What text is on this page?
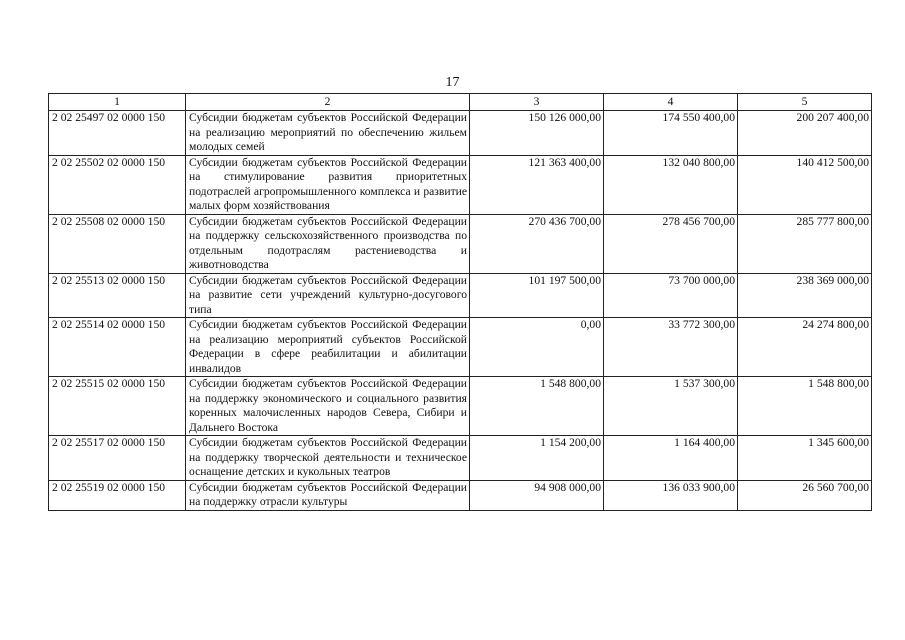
17
1	2	3	4	5
2 02 25497 02 0000 150	Субсидии бюджетам субъектов Российской Федерации на реализацию мероприятий по обеспечению жильем молодых семей	150 126 000,00	174 550 400,00	200 207 400,00
2 02 25502 02 0000 150	Субсидии бюджетам субъектов Российской Федерации на стимулирование развития приоритетных подотраслей агропромышленного комплекса и развитие малых форм хозяйствования	121 363 400,00	132 040 800,00	140 412 500,00
2 02 25508 02 0000 150	Субсидии бюджетам субъектов Российской Федерации на поддержку сельскохозяйственного производства по отдельным подотраслям растениеводства и животноводства	270 436 700,00	278 456 700,00	285 777 800,00
2 02 25513 02 0000 150	Субсидии бюджетам субъектов Российской Федерации на развитие сети учреждений культурно-досугового типа	101 197 500,00	73 700 000,00	238 369 000,00
2 02 25514 02 0000 150	Субсидии бюджетам субъектов Российской Федерации на реализацию мероприятий субъектов Российской Федерации в сфере реабилитации и абилитации инвалидов	0,00	33 772 300,00	24 274 800,00
2 02 25515 02 0000 150	Субсидии бюджетам субъектов Российской Федерации на поддержку экономического и социального развития коренных малочисленных народов Севера, Сибири и Дальнего Востока	1 548 800,00	1 537 300,00	1 548 800,00
2 02 25517 02 0000 150	Субсидии бюджетам субъектов Российской Федерации на поддержку творческой деятельности и техническое оснащение детских и кукольных театров	1 154 200,00	1 164 400,00	1 345 600,00
2 02 25519 02 0000 150	Субсидии бюджетам субъектов Российской Федерации на поддержку отрасли культуры	94 908 000,00	136 033 900,00	26 560 700,00
